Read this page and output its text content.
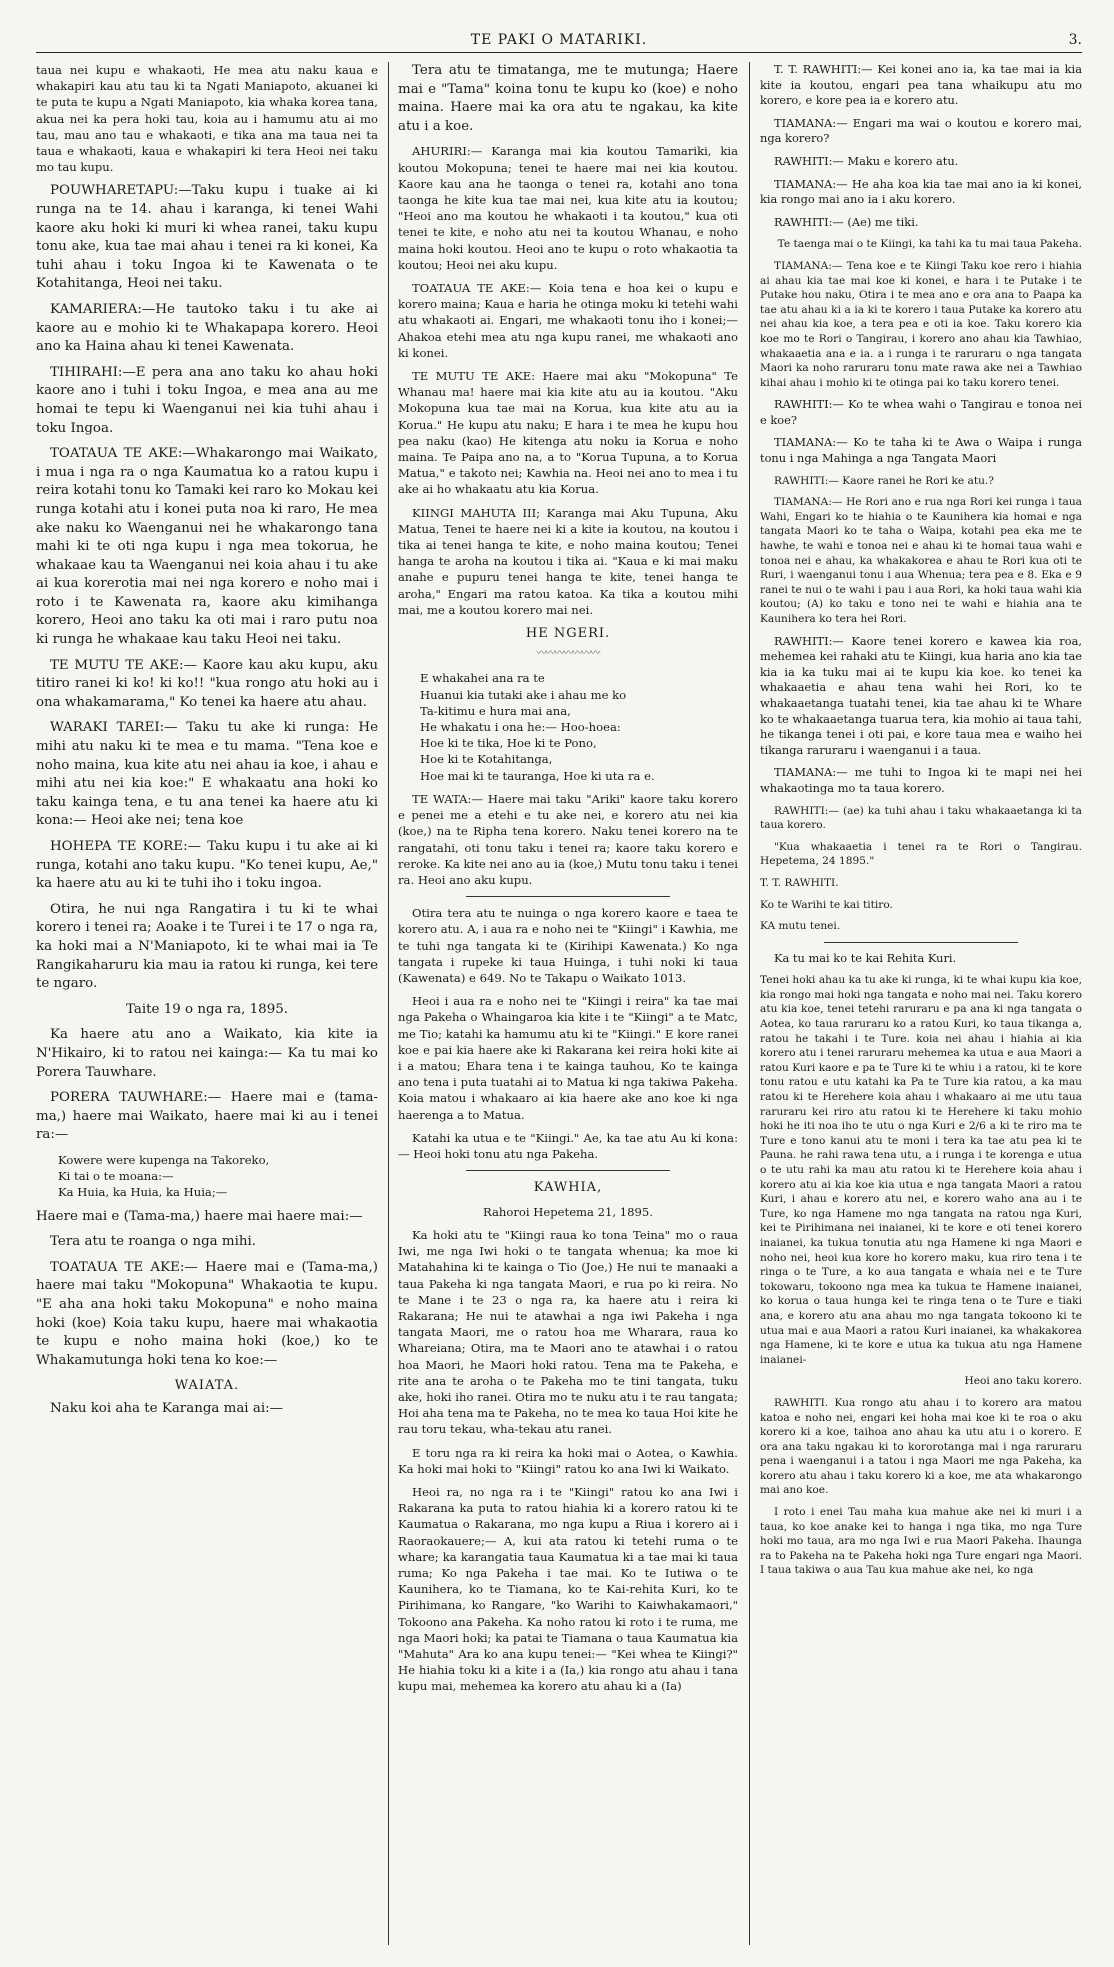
TE PAKI O MATARIKI.	3.

taua nei kupu e whakaoti, He mea atu naku kaua e whakapiri kau atu tau ki ta Ngati Maniapoto, akuanei ki te puta te kupu a Ngati Maniapoto, kia whaka korea tana, akua nei ka pera hoki tau, koia au i hamumu atu ai mo tau, mau ano tau e whakaoti, e tika ana ma taua nei ta taua e whakaoti, kaua e whakapiri ki tera Heoi nei taku mo tau kupu.

POUWHARETAPU:—Taku kupu i tuake ai ki runga na te 14. ahau i karanga, ki tenei Wahi kaore aku hoki ki muri ki whea ranei, taku kupu tonu ake, kua tae mai ahau i tenei ra ki konei, Ka tuhi ahau i toku Ingoa ki te Kawenata o te Kotahitanga, Heoi nei taku.

KAMARIERA:—He tautoko taku i tu ake ai kaore au e mohio ki te Whakapapa korero. Heoi ano ka Haina ahau ki tenei Kawenata.

TIHIRAHI:—E pera ana ano taku ko ahau hoki kaore ano i tuhi i toku Ingoa, e mea ana au me homai te tepu ki Waenganui nei kia tuhi ahau i toku Ingoa.

TOATAUA TE AKE:—Whakarongo mai Waikato, i mua i nga ra o nga Kaumatua ko a ratou kupu i reira kotahi tonu ko Tamaki kei raro ko Mokau kei runga kotahi atu i konei puta noa ki raro, He mea ake naku ko Waenganui nei he whakarongo tana mahi ki te oti nga kupu i nga mea tokorua, he whakaae kau ta Waenganui nei koia ahau i tu ake ai kua korerotia mai nei nga korero e noho mai i roto i te Kawenata ra, kaore aku kimihanga korero, Heoi ano taku ka oti mai i raro putu noa ki runga he whakaae kau taku Heoi nei taku.

TE MUTU TE AKE:— Kaore kau aku kupu, aku titiro ranei ki ko! ki ko!! "kua rongo atu hoki au i ona whakamarama," Ko tenei ka haere atu ahau.

WARAKI TAREI:— Taku tu ake ki runga: He mihi atu naku ki te mea e tu mama. "Tena koe e noho maina, kua kite atu nei ahau ia koe, i ahau e mihi atu nei kia koe:" E whakaatu ana hoki ko taku kainga tena, e tu ana tenei ka haere atu ki kona:— Heoi ake nei; tena koe

HOHEPA TE KORE:— Taku kupu i tu ake ai ki runga, kotahi ano taku kupu. "Ko tenei kupu, Ae," ka haere atu au ki te tuhi iho i toku ingoa.

Otira, he nui nga Rangatira i tu ki te whai korero i tenei ra; Aoake i te Turei i te 17 o nga ra, ka hoki mai a N'Maniapoto, ki te whai mai ia Te Rangikaharuru kia mau ia ratou ki runga, kei tere te ngaro.

Taite 19 o nga ra, 1895.

Ka haere atu ano a Waikato, kia kite ia N'Hikairo, ki to ratou nei kainga:— Ka tu mai ko Porera Tauwhare.

PORERA TAUWHARE:— Haere mai e (tama-ma,) haere mai Waikato, haere mai ki au i tenei ra:—

Kowere were kupenga na Takoreko,
Ki tai o te moana:—
Ka Huia, ka Huia, ka Huia;—

Haere mai e (Tama-ma,) haere mai haere mai:—

Tera atu te roanga o nga mihi.

TOATAUA TE AKE:— Haere mai e (Tama-ma,) haere mai taku "Mokopuna" Whakaotia te kupu. "E aha ana hoki taku Mokopuna" e noho maina hoki (koe) Koia taku kupu, haere mai whakaotia te kupu e noho maina hoki (koe,) ko te Whakamutunga hoki tena ko koe:—

WAIATA.

Naku koi aha te Karanga mai ai:—

Tera atu te timatanga, me te mutunga; Haere mai e "Tama" koina tonu te kupu ko (koe) e noho maina. Haere mai ka ora atu te ngakau, ka kite atu i a koe.

AHURIRI:— Karanga mai kia koutou Tamariki, kia koutou Mokopuna; tenei te haere mai nei kia koutou. Kaore kau ana he taonga o tenei ra, kotahi ano tona taonga he kite kua tae mai nei, kua kite atu ia koutou; "Heoi ano ma koutou he whakaoti i ta koutou," kua oti tenei te kite, e noho atu nei ta koutou Whanau, e noho maina hoki koutou. Heoi ano te kupu o roto whakaotia ta koutou; Heoi nei aku kupu.

TOATAUA TE AKE:— Koia tena e hoa kei o kupu e korero maina; Kaua e haria he otinga moku ki tetehi wahi atu whakaoti ai. Engari, me whakaoti tonu iho i konei;— Ahakoa etehi mea atu nga kupu ranei, me whakaoti ano ki konei.

TE MUTU TE AKE: Haere mai aku "Mokopuna" Te Whanau ma! haere mai kia kite atu au ia koutou. "Aku Mokopuna kua tae mai na Korua, kua kite atu au ia Korua." He kupu atu naku; E hara i te mea he kupu hou pea naku (kao) He kitenga atu noku ia Korua e noho maina. Te Paipa ano na, a to "Korua Tupuna, a to Korua Matua," e takoto nei; Kawhia na. Heoi nei ano to mea i tu ake ai ho whakaatu atu kia Korua.

KIINGI MAHUTA III; Karanga mai Aku Tupuna, Aku Matua, Tenei te haere nei ki a kite ia koutou, na koutou i tika ai tenei hanga te kite, e noho maina koutou; Tenei hanga te aroha na koutou i tika ai. "Kaua e ki mai maku anahe e pupuru tenei hanga te kite, tenei hanga te aroha," Engari ma ratou katoa. Ka tika a koutou mihi mai, me a koutou korero mai nei.

HE NGERI.
〰〰〰〰〰〰〰
E whakahei ana ra te
Huanui kia tutaki ake i ahau me ko
Ta-kitimu e hura mai ana,
He whakatu i ona he:— Hoo-hoea:
Hoe ki te tika, Hoe ki te Pono,
Hoe ki te Kotahitanga,
Hoe mai ki te tauranga, Hoe ki uta ra e.

TE WATA:— Haere mai taku "Ariki" kaore taku korero e penei me a etehi e tu ake nei, e korero atu nei kia (koe,) na te Ripha tena korero. Naku tenei korero na te rangatahi, oti tonu taku i tenei ra; kaore taku korero e reroke. Ka kite nei ano au ia (koe,) Mutu tonu taku i tenei ra. Heoi ano aku kupu.

Otira tera atu te nuinga o nga korero kaore e taea te korero atu. A, i aua ra e noho nei te "Kiingi" i Kawhia, me te tuhi nga tangata ki te (Kirihipi Kawenata.) Ko nga tangata i rupeke ki taua Huinga, i tuhi noki ki taua (Kawenata) e 649. No te Takapu o Waikato 1013.

Heoi i aua ra e noho nei te "Kiingi i reira" ka tae mai nga Pakeha o Whaingaroa kia kite i te "Kiingi" a te Matc, me Tio; katahi ka hamumu atu ki te "Kiingi." E kore ranei koe e pai kia haere ake ki Rakarana kei reira hoki kite ai i a matou; Ehara tena i te kainga tauhou, Ko te kainga ano tena i puta tuatahi ai to Matua ki nga takiwa Pakeha. Koia matou i whakaaro ai kia haere ake ano koe ki nga haerenga a to Matua.

Katahi ka utua e te "Kiingi." Ae, ka tae atu Au ki kona:— Heoi hoki tonu atu nga Pakeha.

KAWHIA,

Rahoroi Hepetema 21, 1895.

Ka hoki atu te "Kiingi raua ko tona Teina" mo o raua Iwi, me nga Iwi hoki o te tangata whenua; ka moe ki Matahahina ki te kainga o Tio (Joe,) He nui te manaaki a taua Pakeha ki nga tangata Maori, e rua po ki reira. No te Mane i te 23 o nga ra, ka haere atu i reira ki Rakarana; He nui te atawhai a nga iwi Pakeha i nga tangata Maori, me o ratou hoa me Wharara, raua ko Whareiana; Otira, ma te Maori ano te atawhai i o ratou hoa Maori, he Maori hoki ratou. Tena ma te Pakeha, e rite ana te aroha o te Pakeha mo te tini tangata, tuku ake, hoki iho ranei. Otira mo te nuku atu i te rau tangata; Hoi aha tena ma te Pakeha, no te mea ko taua Hoi kite he rau toru tekau, wha-tekau atu ranei.

E toru nga ra ki reira ka hoki mai o Aotea, o Kawhia. Ka hoki mai hoki to "Kiingi" ratou ko ana Iwi ki Waikato.

Heoi ra, no nga ra i te "Kiingi" ratou ko ana Iwi i Rakarana ka puta to ratou hiahia ki a korero ratou ki te Kaumatua o Rakarana, mo nga kupu a Riua i korero ai i Raoraokauere;— A, kui ata ratou ki tetehi ruma o te whare; ka karangatia taua Kaumatua ki a tae mai ki taua ruma; Ko nga Pakeha i tae mai. Ko te Iutiwa o te Kaunihera, ko te Tiamana, ko te Kai-rehita Kuri, ko te Pirihimana, ko Rangare, "ko Warihi to Kaiwhakamaori," Tokoono ana Pakeha. Ka noho ratou ki roto i te ruma, me nga Maori hoki; ka patai te Tiamana o taua Kaumatua kia "Mahuta" Ara ko ana kupu tenei:— "Kei whea te Kiingi?" He hiahia toku ki a kite i a (Ia,) kia rongo atu ahau i tana kupu mai, mehemea ka korero atu ahau ki a (Ia)

T. T. RAWHITI:— Kei konei ano ia, ka tae mai ia kia kite ia koutou, engari pea tana whaikupu atu mo korero, e kore pea ia e korero atu.

TIAMANA:— Engari ma wai o koutou e korero mai, nga korero?

RAWHITI:— Maku e korero atu.

TIAMANA:— He aha koa kia tae mai ano ia ki konei, kia rongo mai ano ia i aku korero.

RAWHITI:— (Ae) me tiki.

Te taenga mai o te Kiingi, ka tahi ka tu mai taua Pakeha.

TIAMANA:— Tena koe e te Kiingi Taku koe rero i hiahia ai ahau kia tae mai koe ki konei, e hara i te Putake i te Putake hou naku, Otira i te mea ano e ora ana to Paapa ka tae atu ahau ki a ia ki te korero i taua Putake ka korero atu nei ahau kia koe, a tera pea e oti ia koe. Taku korero kia koe mo te Rori o Tangirau, i korero ano ahau kia Tawhiao, whakaaetia ana e ia. a i runga i te raruraru o nga tangata Maori ka noho raruraru tonu mate rawa ake nei a Tawhiao kihai ahau i mohio ki te otinga pai ko taku korero tenei.

RAWHITI:— Ko te whea wahi o Tangirau e tonoa nei e koe?

TIAMANA:— Ko te taha ki te Awa o Waipa i runga tonu i nga Mahinga a nga Tangata Maori

RAWHITI:— Kaore ranei he Rori ke atu.?

TIAMANA:— He Rori ano e rua nga Rori kei runga i taua Wahi, Engari ko te hiahia o te Kaunihera kia homai e nga tangata Maori ko te taha o Waipa, kotahi pea eka me te hawhe, te wahi e tonoa nei e ahau ki te homai taua wahi e tonoa nei e ahau, ka whakakorea e ahau te Rori kua oti te Ruri, i waenganui tonu i aua Whenua; tera pea e 8. Eka e 9 ranei te nui o te wahi i pau i aua Rori, ka hoki taua wahi kia koutou; (A) ko taku e tono nei te wahi e hiahia ana te Kaunihera ko tera hei Rori.

RAWHITI:— Kaore tenei korero e kawea kia roa, mehemea kei rahaki atu te Kiingi, kua haria ano kia tae kia ia ka tuku mai ai te kupu kia koe. ko tenei ka whakaaetia e ahau tena wahi hei Rori, ko te whakaaetanga tuatahi tenei, kia tae ahau ki te Whare ko te whakaaetanga tuarua tera, kia mohio ai taua tahi, he tikanga tenei i oti pai, e kore taua mea e waiho hei tikanga raruraru i waenganui i a taua.

TIAMANA:— me tuhi to Ingoa ki te mapi nei hei whakaotinga mo ta taua korero.

RAWHITI:— (ae) ka tuhi ahau i taku whakaaetanga ki ta taua korero.

"Kua whakaaetia i tenei ra te Rori o Tangirau. Hepetema, 24 1895."

T. T. RAWHITI.

Ko te Warihi te kai titiro.

KA mutu tenei.

Ka tu mai ko te kai Rehita Kuri.

Tenei hoki ahau ka tu ake ki runga, ki te whai kupu kia koe, kia rongo mai hoki nga tangata e noho mai nei. Taku korero atu kia koe, tenei tetehi raruraru e pa ana ki nga tangata o Aotea, ko taua raruraru ko a ratou Kuri, ko taua tikanga a, ratou he takahi i te Ture. koia nei ahau i hiahia ai kia korero atu i tenei raruraru mehemea ka utua e aua Maori a ratou Kuri kaore e pa te Ture ki te whiu i a ratou, ki te kore tonu ratou e utu katahi ka Pa te Ture kia ratou, a ka mau ratou ki te Herehere koia ahau i whakaaro ai me utu taua raruraru kei riro atu ratou ki te Herehere ki taku mohio hoki he iti noa iho te utu o nga Kuri e 2/6 a ki te riro ma te Ture e tono kanui atu te moni i tera ka tae atu pea ki te Pauna. he rahi rawa tena utu, a i runga i te korenga e utua o te utu rahi ka mau atu ratou ki te Herehere koia ahau i korero atu ai kia koe kia utua e nga tangata Maori a ratou Kuri, i ahau e korero atu nei, e korero waho ana au i te Ture, ko nga Hamene mo nga tangata na ratou nga Kuri, kei te Pirihimana nei inaianei, ki te kore e oti tenei korero inaianei, ka tukua tonutia atu nga Hamene ki nga Maori e noho nei, heoi kua kore ho korero maku, kua riro tena i te ringa o te Ture, a ko aua tangata e whaia nei e te Ture tokowaru, tokoono nga mea ka tukua te Hamene inaianei, ko korua o taua hunga kei te ringa tena o te Ture e tiaki ana, e korero atu ana ahau mo nga tangata tokoono ki te utua mai e aua Maori a ratou Kuri inaianei, ka whakakorea nga Hamene, ki te kore e utua ka tukua atu nga Hamene inaianei-

Heoi ano taku korero.

RAWHITI. Kua rongo atu ahau i to korero ara matou katoa e noho nei, engari kei hoha mai koe ki te roa o aku korero ki a koe, taihoa ano ahau ka utu atu i o korero. E ora ana taku ngakau ki to kororotanga mai i nga raruraru pena i waenganui i a tatou i nga Maori me nga Pakeha, ka korero atu ahau i taku korero ki a koe, me ata whakarongo mai ano koe.

I roto i enei Tau maha kua mahue ake nei ki muri i a taua, ko koe anake kei to hanga i nga tika, mo nga Ture hoki mo taua, ara mo nga Iwi e rua Maori Pakeha. Ihaunga ra to Pakeha na te Pakeha hoki nga Ture engari nga Maori. I taua takiwa o aua Tau kua mahue ake nei, ko nga
